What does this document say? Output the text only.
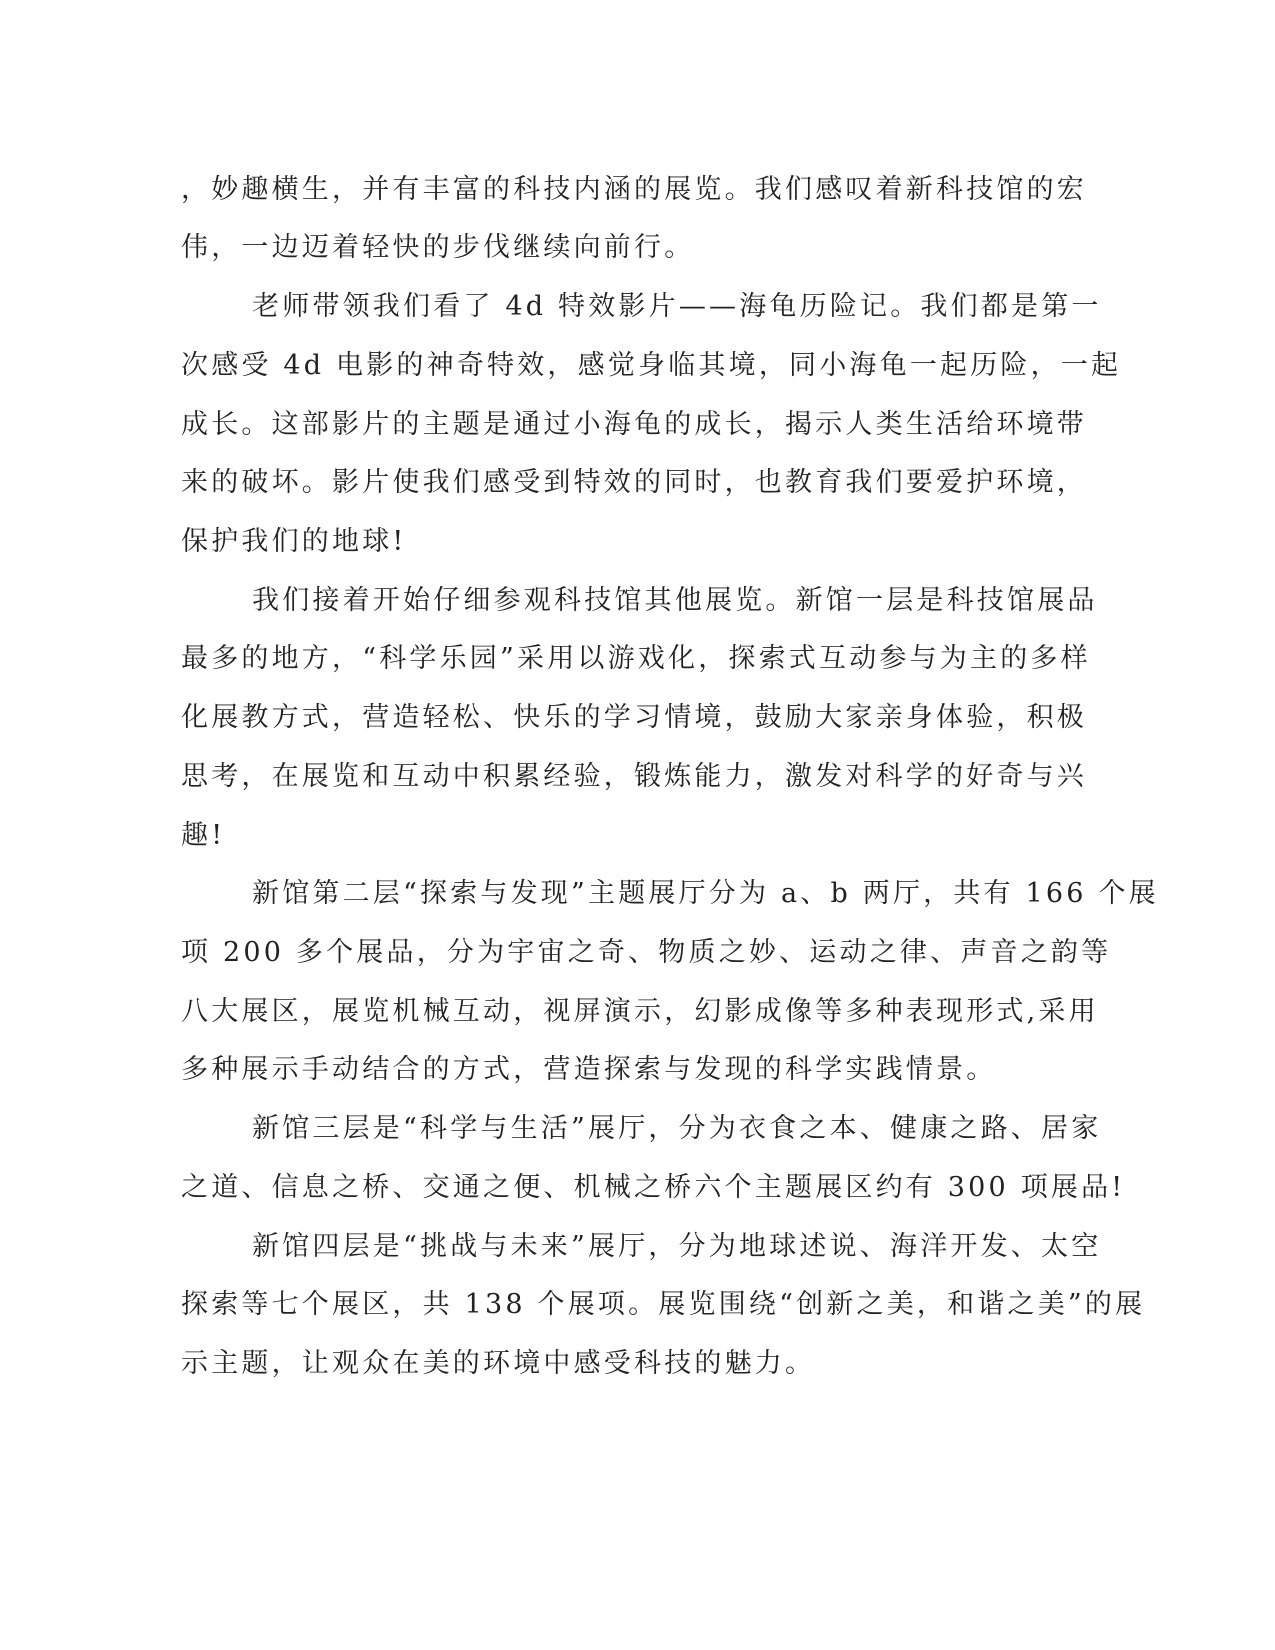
，妙趣横生，并有丰富的科技内涵的展览。我们感叹着新科技馆的宏
伟，一边迈着轻快的步伐继续向前行。
老师带领我们看了 4d 特效影片——海龟历险记。我们都是第一
次感受 4d 电影的神奇特效，感觉身临其境，同小海龟一起历险，一起
成长。这部影片的主题是通过小海龟的成长，揭示人类生活给环境带
来的破坏。影片使我们感受到特效的同时，也教育我们要爱护环境，
保护我们的地球!
我们接着开始仔细参观科技馆其他展览。新馆一层是科技馆展品
最多的地方，“科学乐园”采用以游戏化，探索式互动参与为主的多样
化展教方式，营造轻松、快乐的学习情境，鼓励大家亲身体验，积极
思考，在展览和互动中积累经验，锻炼能力，激发对科学的好奇与兴
趣!
新馆第二层“探索与发现”主题展厅分为 a、b 两厅，共有 166 个展
项 200 多个展品，分为宇宙之奇、物质之妙、运动之律、声音之韵等
八大展区，展览机械互动，视屏演示，幻影成像等多种表现形式,采用
多种展示手动结合的方式，营造探索与发现的科学实践情景。
新馆三层是“科学与生活”展厅，分为衣食之本、健康之路、居家
之道、信息之桥、交通之便、机械之桥六个主题展区约有 300 项展品!
新馆四层是“挑战与未来”展厅，分为地球述说、海洋开发、太空
探索等七个展区，共 138 个展项。展览围绕“创新之美，和谐之美”的展
示主题，让观众在美的环境中感受科技的魅力。
